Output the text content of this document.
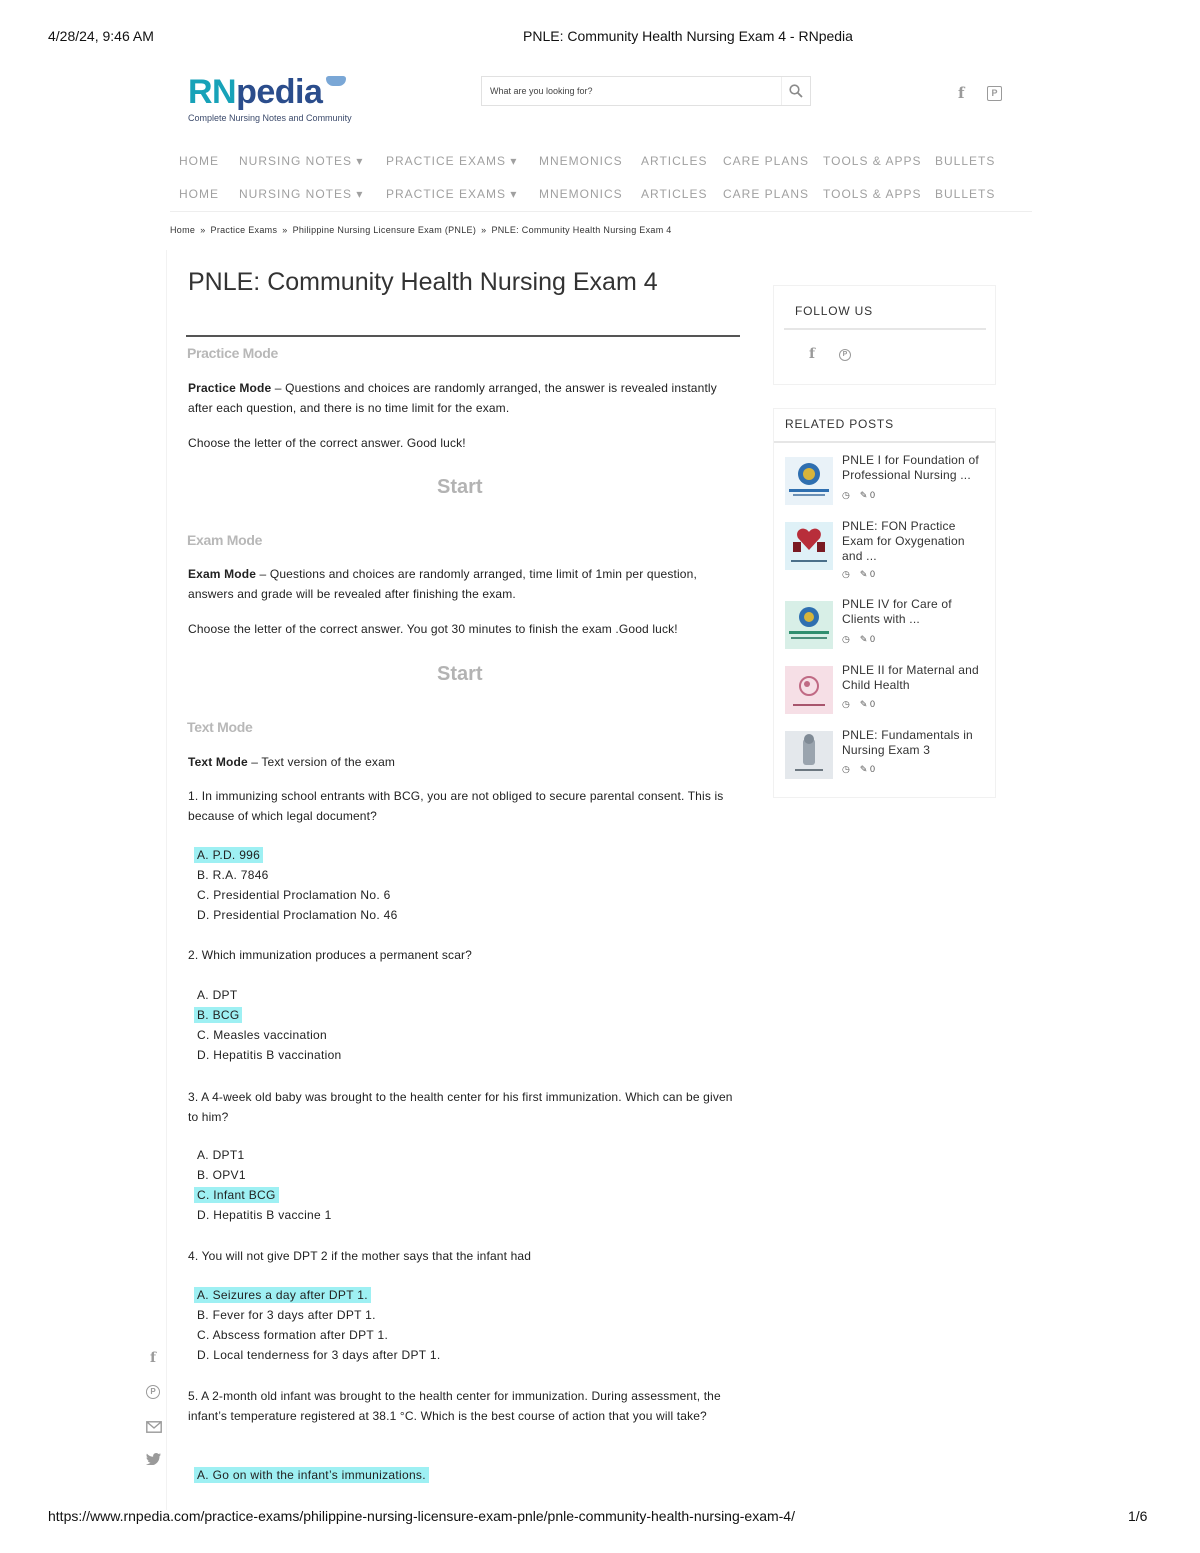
4/28/24, 9:46 AM	PNLE: Community Health Nursing Exam 4 - RNpedia
RNpedia
Complete Nursing Notes and Community
What are you looking for?
f	P
HOME NURSING NOTES ▾ PRACTICE EXAMS ▾ MNEMONICS ARTICLES CARE PLANS TOOLS & APPS BULLETS
HOME NURSING NOTES ▾ PRACTICE EXAMS ▾ MNEMONICS ARTICLES CARE PLANS TOOLS & APPS BULLETS
Home » Practice Exams » Philippine Nursing Licensure Exam (PNLE) » PNLE: Community Health Nursing Exam 4
PNLE: Community Health Nursing Exam 4
Practice Mode
Practice Mode – Questions and choices are randomly arranged, the answer is revealed instantly after each question, and there is no time limit for the exam.
Choose the letter of the correct answer. Good luck!
Start
Exam Mode
Exam Mode – Questions and choices are randomly arranged, time limit of 1min per question, answers and grade will be revealed after finishing the exam.
Choose the letter of the correct answer. You got 30 minutes to finish the exam .Good luck!
Start
Text Mode
Text Mode – Text version of the exam
1. In immunizing school entrants with BCG, you are not obliged to secure parental consent. This is because of which legal document?
A. P.D. 996
B. R.A. 7846
C. Presidential Proclamation No. 6
D. Presidential Proclamation No. 46
2. Which immunization produces a permanent scar?
A. DPT
B. BCG
C. Measles vaccination
D. Hepatitis B vaccination
3. A 4-week old baby was brought to the health center for his first immunization. Which can be given to him?
A. DPT1
B. OPV1
C. Infant BCG
D. Hepatitis B vaccine 1
4. You will not give DPT 2 if the mother says that the infant had
A. Seizures a day after DPT 1.
B. Fever for 3 days after DPT 1.
C. Abscess formation after DPT 1.
D. Local tenderness for 3 days after DPT 1.
5. A 2-month old infant was brought to the health center for immunization. During assessment, the infant’s temperature registered at 38.1 °C. Which is the best course of action that you will take?
A. Go on with the infant’s immunizations.
f
P
FOLLOW US
f	P
RELATED POSTS
PNLE I for Foundation of Professional Nursing ...
◷ ✎ 0
PNLE: FON Practice Exam for Oxygenation and ...
◷ ✎ 0
PNLE IV for Care of Clients with ...
◷ ✎ 0
PNLE II for Maternal and Child Health
◷ ✎ 0
PNLE: Fundamentals in Nursing Exam 3
◷ ✎ 0
https://www.rnpedia.com/practice-exams/philippine-nursing-licensure-exam-pnle/pnle-community-health-nursing-exam-4/	1/6
